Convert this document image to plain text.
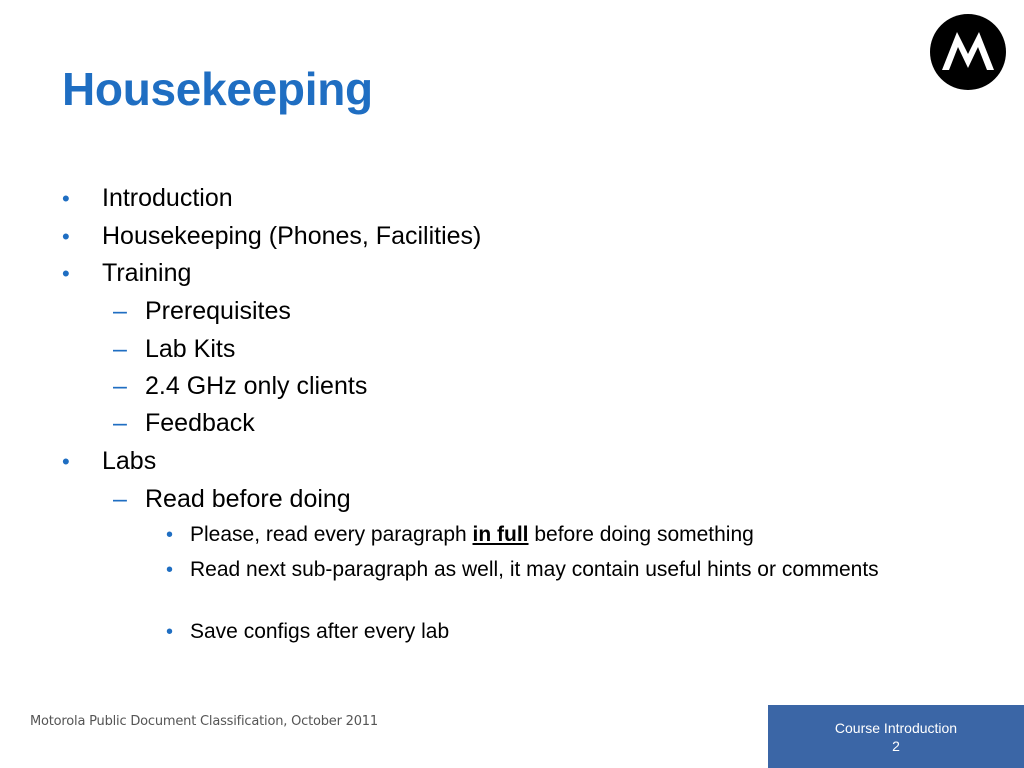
Housekeeping
•	Introduction
•	Housekeeping (Phones, Facilities)
•	Training
– Prerequisites
– Lab Kits
– 2.4 GHz only clients
– Feedback
•	Labs
– Read before doing
• Please, read every paragraph in full before doing something
• Read next sub-paragraph as well, it may contain useful hints or comments
• Save configs after every lab
Motorola Public Document Classification, October 2011	Course Introduction
2
